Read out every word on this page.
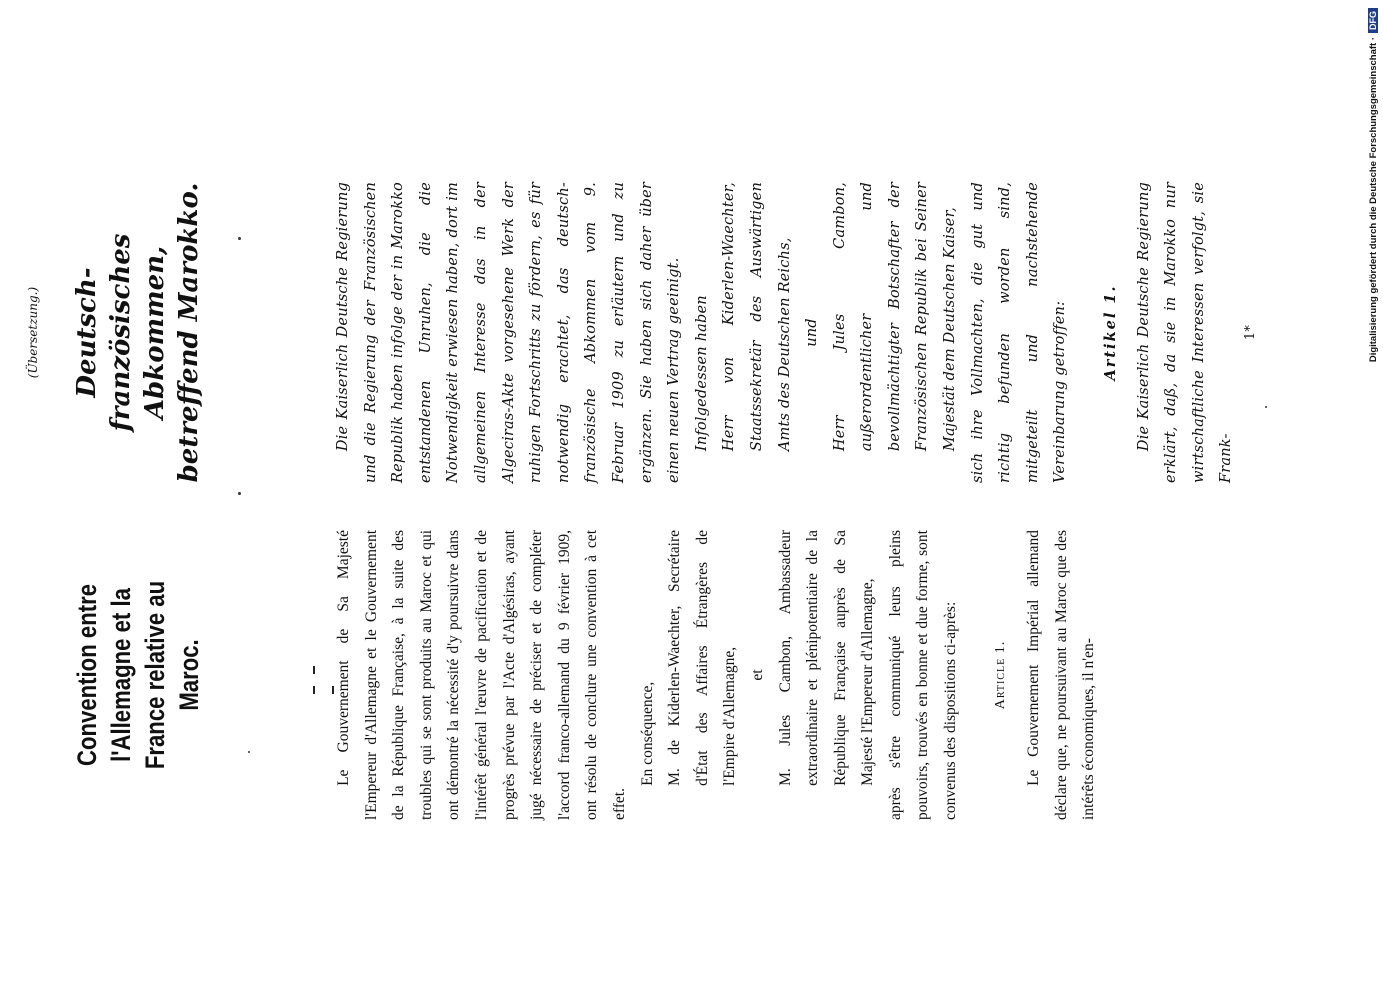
Convention entre l'Allemagne et la France relative au Maroc.	Le Gouvernement de Sa Majesté l'Empereur d'Allemagne et le Gouvernement de la République Française, à la suite des troubles qui se sont produits au Maroc et qui ont démontré la nécessité d'y poursuivre dans l'intérêt général l'œuvre de pacification et de progrès prévue par l'Acte d'Algésiras, ayant jugé nécessaire de préciser et de compléter l'accord franco-allemand du 9 février 1909, ont résolu de conclure une convention à cet effet.

En conséquence, M. de Kiderlen-Waechter, Secrétaire d'État des Affaires Étrangères de l'Empire d'Allemagne, et M. Jules Cambon, Ambassadeur extraordinaire et plénipotentiaire de la République Française auprès de Sa Majesté l'Empereur d'Allemagne, après s'être communiqué leurs pleins pouvoirs, trouvés en bonne et due forme, sont convenus des dispositions ci-après:	Article 1.	Le Gouvernement Impérial allemand déclare que, ne poursuivant au Maroc que des intérêts économiques, il n'en-

(Übersetzung.) Deutsch-französisches Abkommen, betreffend Marokko.	Die Kaiserlich Deutsche Regierung und die Regierung der Französischen Republik haben infolge der in Marokko entstandenen Unruhen, die die Notwendigkeit erwiesen haben, dort im allgemeinen Interesse das in der Algeciras-Akte vorgesehene Werk der ruhigen Fortschritts zu fördern, es für notwendig erachtet, das deutsch-französische Abkommen vom 9. Februar 1909 zu erläutern und zu ergänzen. Sie haben sich daher über einen neuen Vertrag geeinigt. Infolgedessen haben Herr von Kiderlen-Waechter, Staatssekretär des Auswärtigen Amts des Deutschen Reichs, und Herr Jules Cambon, außerordentlicher und bevollmächtigter Botschafter der Französischen Republik bei Seiner Majestät dem Deutschen Kaiser, sich ihre Vollmachten, die gut und richtig befunden worden sind, mitgeteilt und nachstehende Vereinbarung getroffen:	Artikel 1.	Die Kaiserlich Deutsche Regierung erklärt, daß, da sie in Marokko nur wirtschaftliche Interessen verfolgt, sie Frank-

1*	Digitalisierung gefördert durch die Deutsche Forschungsgemeinschaft ·DFG
